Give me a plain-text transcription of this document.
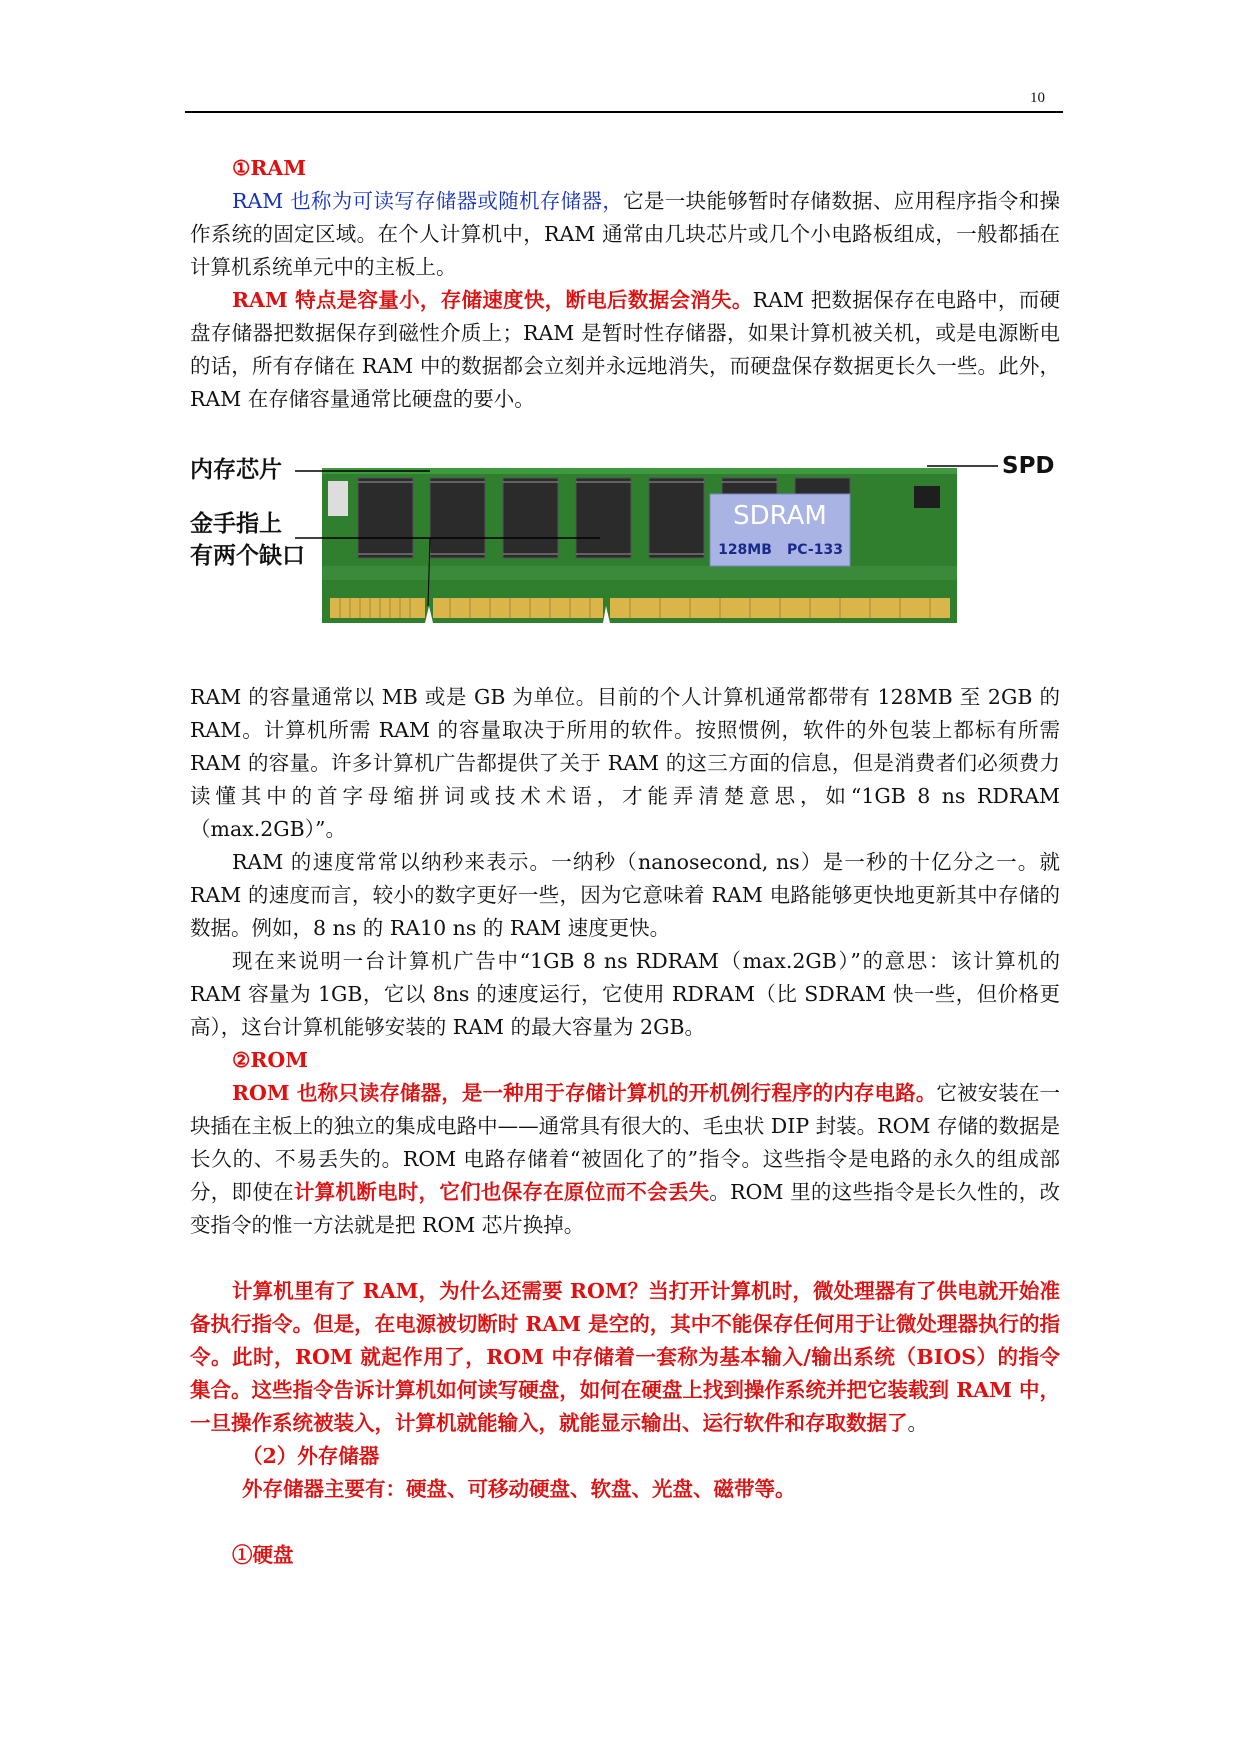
10

①RAM

RAM 也称为可读写存储器或随机存储器，它是一块能够暂时存储数据、应用程序指令和操作系统的固定区域。在个人计算机中，RAM 通常由几块芯片或几个小电路板组成，一般都插在计算机系统单元中的主板上。

RAM 特点是容量小，存储速度快，断电后数据会消失。RAM 把数据保存在电路中，而硬盘存储器把数据保存到磁性介质上；RAM 是暂时性存储器，如果计算机被关机，或是电源断电的话，所有存储在 RAM 中的数据都会立刻并永远地消失，而硬盘保存数据更长久一些。此外，RAM 在存储容量通常比硬盘的要小。

SDRAM
128MB PC-133
内存芯片
金手指上
有两个缺口
SPD

RAM 的容量通常以 MB 或是 GB 为单位。目前的个人计算机通常都带有 128MB 至 2GB 的 RAM。计算机所需 RAM 的容量取决于所用的软件。按照惯例，软件的外包装上都标有所需 RAM 的容量。许多计算机广告都提供了关于 RAM 的这三方面的信息，但是消费者们必须费力读懂其中的首字母缩拼词或技术术语，才能弄清楚意思，如“1GB 8 ns RDRAM（max.2GB）”。

RAM 的速度常常以纳秒来表示。一纳秒（nanosecond, ns）是一秒的十亿分之一。就 RAM 的速度而言，较小的数字更好一些，因为它意味着 RAM 电路能够更快地更新其中存储的数据。例如，8 ns 的 RA10 ns 的 RAM 速度更快。

现在来说明一台计算机广告中“1GB 8 ns RDRAM（max.2GB）”的意思：该计算机的 RAM 容量为 1GB，它以 8ns 的速度运行，它使用 RDRAM（比 SDRAM 快一些，但价格更高），这台计算机能够安装的 RAM 的最大容量为 2GB。

②ROM

ROM 也称只读存储器，是一种用于存储计算机的开机例行程序的内存电路。它被安装在一块插在主板上的独立的集成电路中——通常具有很大的、毛虫状 DIP 封装。ROM 存储的数据是长久的、不易丢失的。ROM 电路存储着“被固化了的”指令。这些指令是电路的永久的组成部分，即使在计算机断电时，它们也保存在原位而不会丢失。ROM 里的这些指令是长久性的，改变指令的惟一方法就是把 ROM 芯片换掉。

计算机里有了 RAM，为什么还需要 ROM？当打开计算机时，微处理器有了供电就开始准备执行指令。但是，在电源被切断时 RAM 是空的，其中不能保存任何用于让微处理器执行的指令。此时，ROM 就起作用了，ROM 中存储着一套称为基本输入/输出系统（BIOS）的指令集合。这些指令告诉计算机如何读写硬盘，如何在硬盘上找到操作系统并把它装载到 RAM 中，一旦操作系统被装入，计算机就能输入，就能显示输出、运行软件和存取数据了。

（2）外存储器

外存储器主要有：硬盘、可移动硬盘、软盘、光盘、磁带等。

①硬盘
